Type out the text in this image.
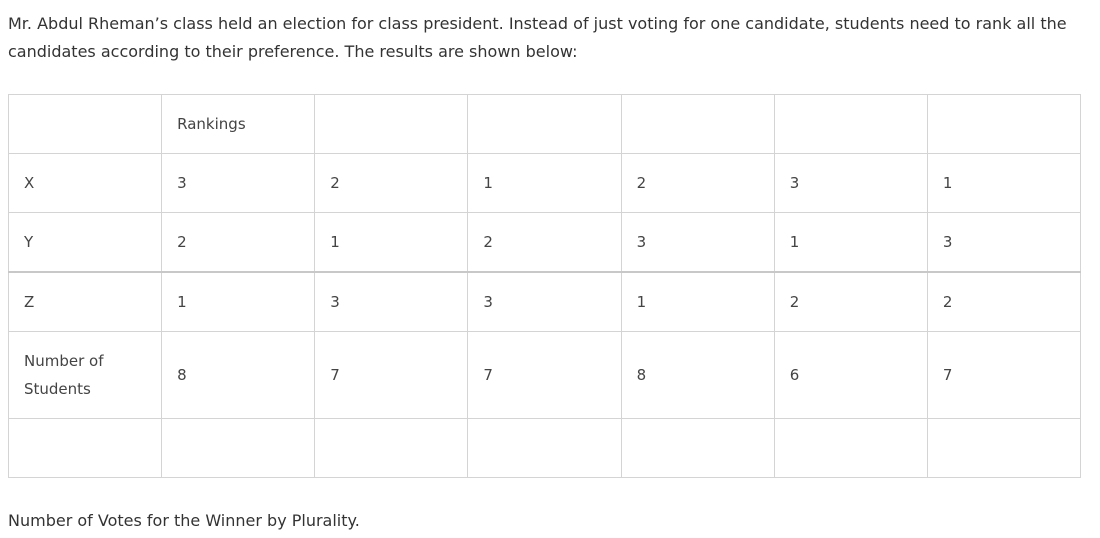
Mr. Abdul Rheman’s class held an election for class president. Instead of just voting for one candidate, students need to rank all the candidates according to their preference. The results are shown below:

	Rankings					
X	3	2	1	2	3	1
Y	2	1	2	3	1	3
Z	1	3	3	1	2	2
Number of Students	8	7	7	8	6	7

Number of Votes for the Winner by Plurality.
